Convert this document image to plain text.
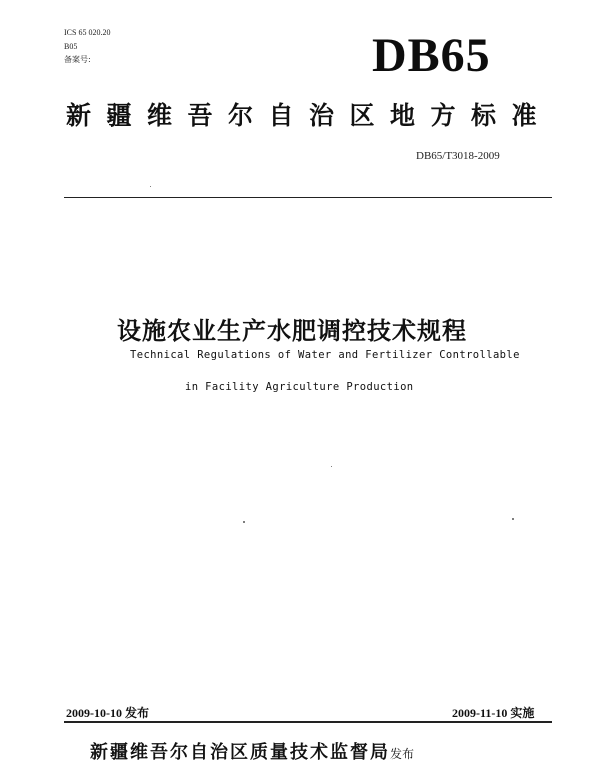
ICS 65 020.20
B05
备案号:	DB65
新疆维吾尔自治区地方标准
DB65/T3018-2009
设施农业生产水肥调控技术规程
Technical Regulations of Water and Fertilizer Controllable
in Facility Agriculture Production
2009-10-10 发布	2009-11-10 实施
新疆维吾尔自治区质量技术监督局发布
